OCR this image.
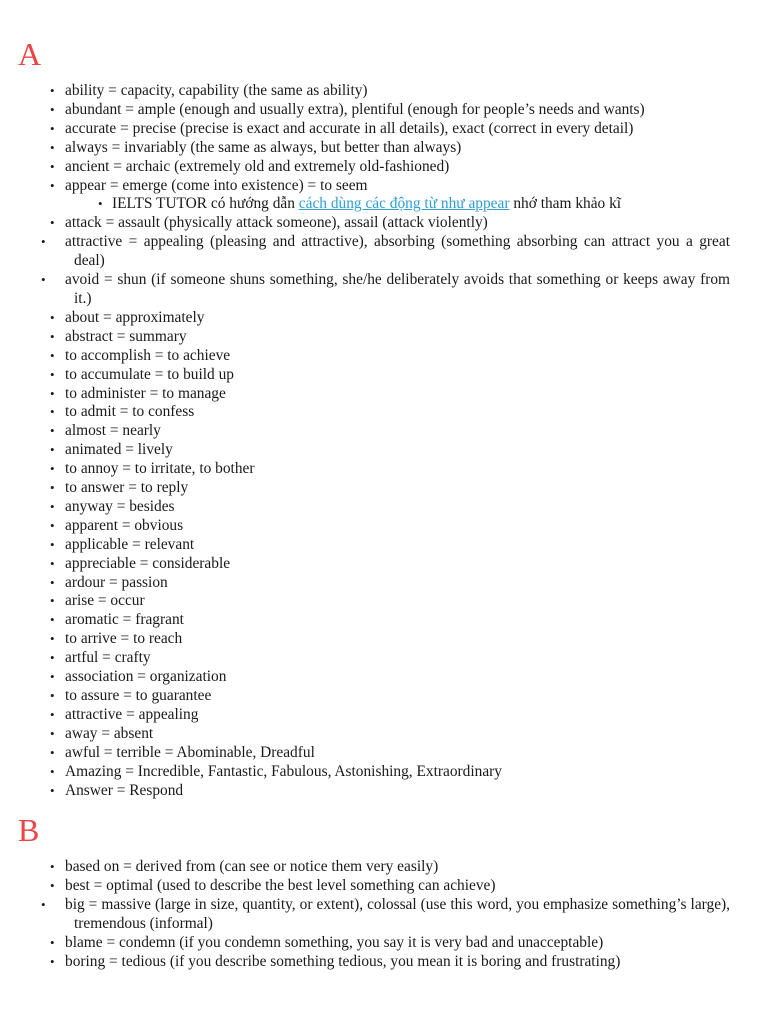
A
• ability = capacity, capability (the same as ability)
• abundant = ample (enough and usually extra), plentiful (enough for people’s needs and wants)
• accurate = precise (precise is exact and accurate in all details), exact (correct in every detail)
• always = invariably (the same as always, but better than always)
• ancient = archaic (extremely old and extremely old-fashioned)
• appear = emerge (come into existence) = to seem
• IELTS TUTOR có hướng dẫn cách dùng các động từ như appear nhớ tham khảo kĩ
• attack = assault (physically attack someone), assail (attack violently)
• attractive = appealing (pleasing and attractive), absorbing (something absorbing can attract you a great deal)
• avoid = shun (if someone shuns something, she/he deliberately avoids that something or keeps away from it.)
• about = approximately
• abstract = summary
• to accomplish = to achieve
• to accumulate = to build up
• to administer = to manage
• to admit = to confess
• almost = nearly
• animated = lively
• to annoy = to irritate, to bother
• to answer = to reply
• anyway = besides
• apparent = obvious
• applicable = relevant
• appreciable = considerable
• ardour = passion
• arise = occur
• aromatic = fragrant
• to arrive = to reach
• artful = crafty
• association = organization
• to assure = to guarantee
• attractive = appealing
• away = absent
• awful = terrible = Abominable, Dreadful
• Amazing = Incredible, Fantastic, Fabulous, Astonishing, Extraordinary
• Answer = Respond
B
• based on = derived from (can see or notice them very easily)
• best = optimal (used to describe the best level something can achieve)
• big = massive (large in size, quantity, or extent), colossal (use this word, you emphasize something’s large), tremendous (informal)
• blame = condemn (if you condemn something, you say it is very bad and unacceptable)
• boring = tedious (if you describe something tedious, you mean it is boring and frustrating)
